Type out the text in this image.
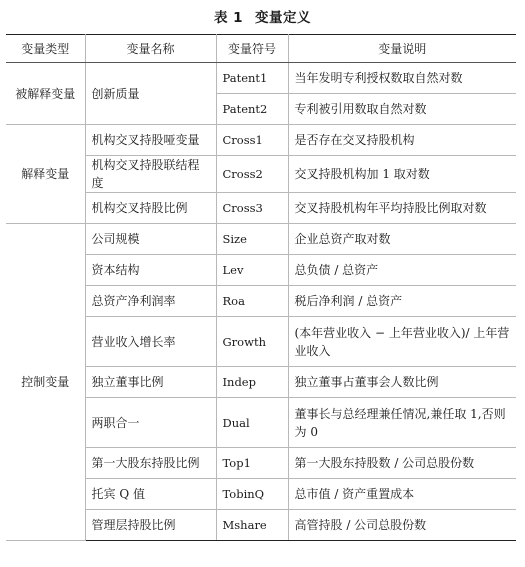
表 1 变量定义
变量类型	变量名称	变量符号	变量说明
被解释变量	创新质量	Patent1	当年发明专利授权数取自然对数
		Patent2	专利被引用数取自然对数
解释变量	机构交叉持股哑变量	Cross1	是否存在交叉持股机构
	机构交叉持股联结程度	Cross2	交叉持股机构加 1 取对数
	机构交叉持股比例	Cross3	交叉持股机构年平均持股比例取对数
控制变量	公司规模	Size	企业总资产取对数
	资本结构	Lev	总负债 / 总资产
	总资产净利润率	Roa	税后净利润 / 总资产
	营业收入增长率	Growth	(本年营业收入 − 上年营业收入)/ 上年营业收入
	独立董事比例	Indep	独立董事占董事会人数比例
	两职合一	Dual	董事长与总经理兼任情况,兼任取 1,否则为 0
	第一大股东持股比例	Top1	第一大股东持股数 / 公司总股份数
	托宾 Q 值	TobinQ	总市值 / 资产重置成本
	管理层持股比例	Mshare	高管持股 / 公司总股份数
